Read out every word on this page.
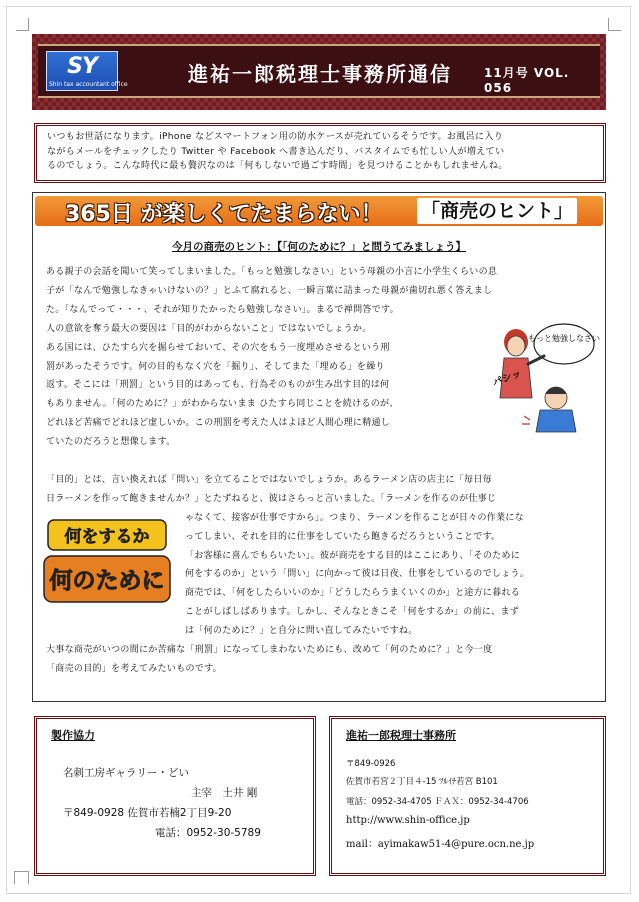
SY
Shin tax accountant office	進祐一郎税理士事務所通信	11月号 VOL. 056

いつもお世話になります。iPhone などスマートフォン用の防水ケースが売れているそうです。お風呂に入り

ながらメールをチェックしたり Twitter や Facebook へ書き込んだり、バスタイムでも忙しい人が増えてい

るのでしょう。こんな時代に最も贅沢なのは「何もしないで過ごす時間」を見つけることかもしれませんね。

365日 が楽しくてたまらない！ 「商売のヒント」
今月の商売のヒント：【「何のために？」と問うてみましょう】
ある親子の会話を聞いて笑ってしまいました。「もっと勉強しなさい」という母親の小言に小学生くらいの息
子が「なんで勉強しなきゃいけないの？」とふて腐れると、一瞬言葉に詰まった母親が歯切れ悪く答えまし
た。「なんでって・・・、それが知りたかったら勉強しなさい」。まるで禅問答です。
人の意欲を奪う最大の要因は「目的がわからないこと」ではないでしょうか。
ある国には、ひたすら穴を掘らせておいて、その穴をもう一度埋めさせるという刑
罰があったそうです。何の目的もなく穴を「掘り」、そしてまた「埋める」を繰り
返す。そこには「刑罰」という目的はあっても、行為そのものが生み出す目的は何
もありません。「何のために？」がわからないまま ひたすら同じことを続けるのが、
どれほど苦痛でどれほど虚しいか。この刑罰を考えた人はよほど人間心理に精通し
ていたのだろうと想像します。
「目的」とは、言い換えれば「問い」を立てることではないでしょうか。あるラーメン店の店主に「毎日毎
日ラーメンを作って飽きませんか？」とたずねると、彼はさらっと言いました。「ラーメンを作るのが仕事じ
ゃなくて、接客が仕事ですから」。つまり、ラーメンを作ることが日々の作業にな
ってしまい、それを目的に仕事をしていたら飽きるだろうということです。
「お客様に喜んでもらいたい」。彼が商売をする目的はここにあり、「そのために
何をするのか」という「問い」に向かって彼は日夜、仕事をしているのでしょう。
商売では、「何をしたらいいのか」「どうしたらうまくいくのか」と途方に暮れる
ことがしばしばあります。しかし、そんなときこそ「何をするか」の前に、まず
は「何のために？」と自分に問い直してみたいですね。
大事な商売がいつの間にか苦痛な「刑罰」になってしまわないためにも、改めて「何のために？」と今一度
「商売の目的」を考えてみたいものです。
もっと勉強しなさい
パシッ
何をするか
何のために
製作協力
名刺工房ギャラリー・どい
主宰　土井 剛
〒849-0928 佐賀市若楠2丁目9-20
電話：0952-30-5789
進祐一郎税理士事務所
〒849-0926
佐賀市若宮２丁目４-15 ﾂﾙｲﾁ若宮 B101
電話：0952-34-4705 ＦＡＸ：0952-34-4706
http://www.shin-office.jp
mail：ayimakaw51-4@pure.ocn.ne.jp
